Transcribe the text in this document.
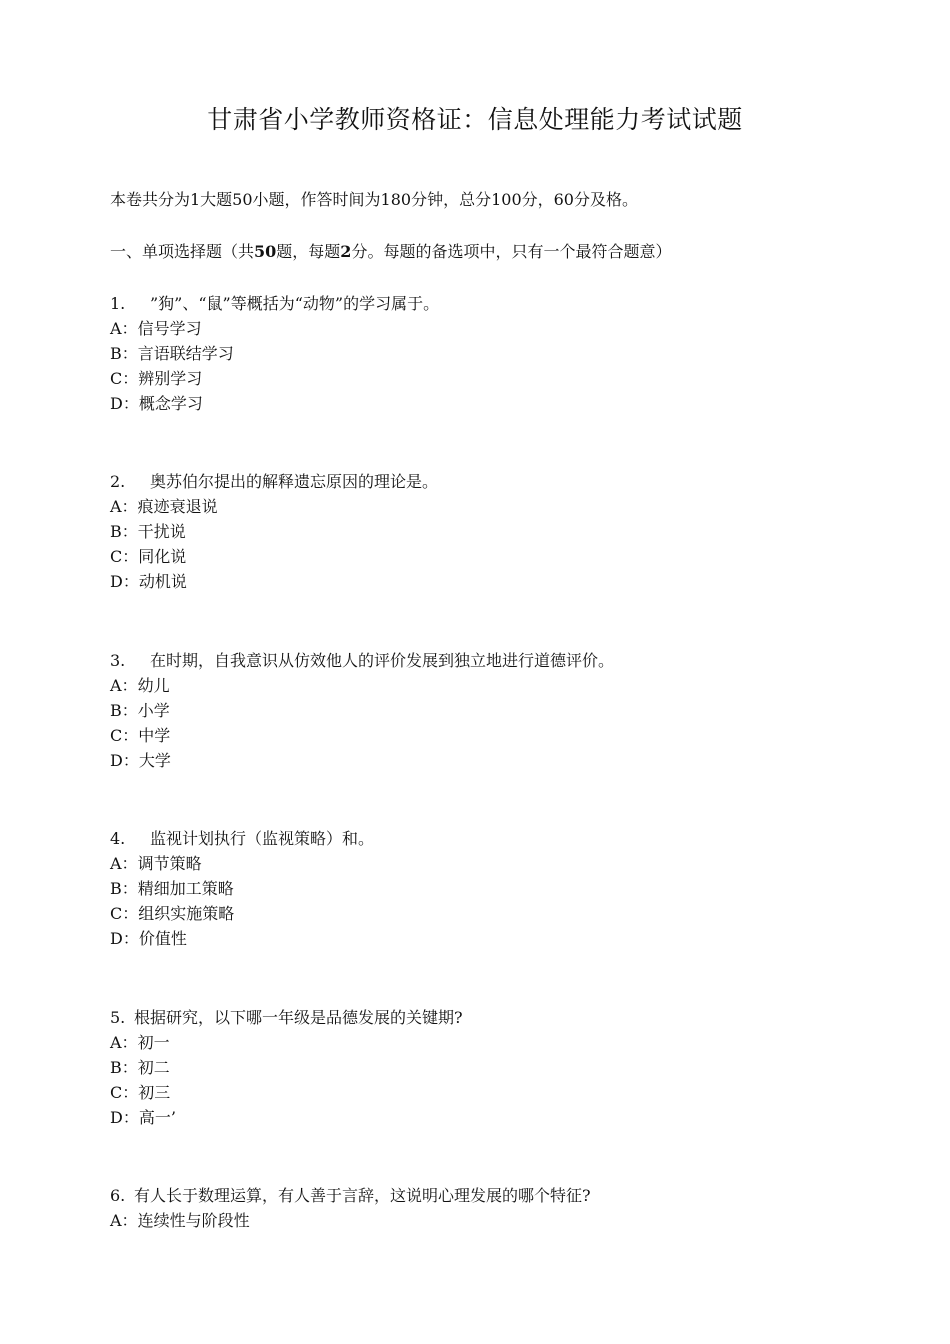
甘肃省小学教师资格证：信息处理能力考试试题
本卷共分为1大题50小题，作答时间为180分钟，总分100分，60分及格。
一、单项选择题（共50题，每题2分。每题的备选项中，只有一个最符合题意）
1. ”狗”、“鼠”等概括为“动物”的学习属于。
A：信号学习
B：言语联结学习
C：辨别学习
D：概念学习
2. 奥苏伯尔提出的解释遗忘原因的理论是。
A：痕迹衰退说
B：干扰说
C：同化说
D：动机说
3. 在时期，自我意识从仿效他人的评价发展到独立地进行道德评价。
A：幼儿
B：小学
C：中学
D：大学
4. 监视计划执行（监视策略）和。
A：调节策略
B：精细加工策略
C：组织实施策略
D：价值性
5. 根据研究，以下哪一年级是品德发展的关键期?
A：初一
B：初二
C：初三
D：高一’
6. 有人长于数理运算，有人善于言辞，这说明心理发展的哪个特征?
A：连续性与阶段性
